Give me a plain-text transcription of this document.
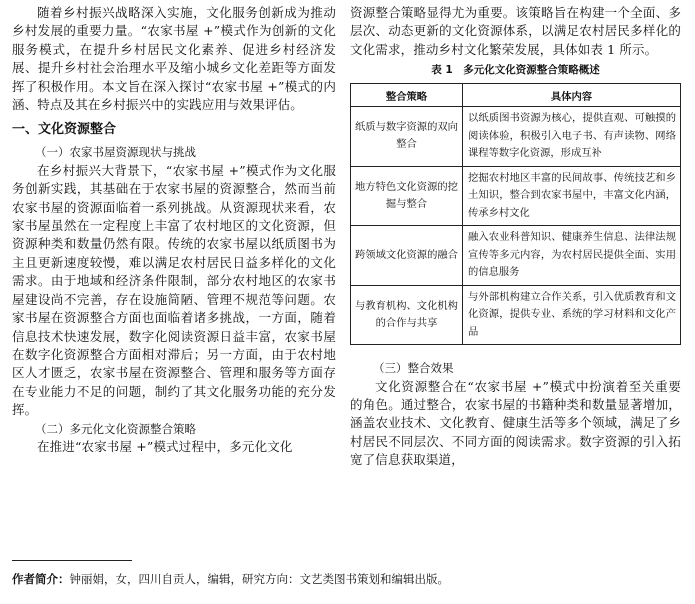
随着乡村振兴战略深入实施，文化服务创新成为推动乡村发展的重要力量。“农家书屋 +”模式作为创新的文化服务模式，在提升乡村居民文化素养、促进乡村经济发展、提升乡村社会治理水平及缩小城乡文化差距等方面发挥了积极作用。本文旨在深入探讨“农家书屋 +”模式的内涵、特点及其在乡村振兴中的实践应用与效果评估。

一、文化资源整合

（一）农家书屋资源现状与挑战

在乡村振兴大背景下，“农家书屋 +”模式作为文化服务创新实践，其基础在于农家书屋的资源整合，然而当前农家书屋的资源面临着一系列挑战。从资源现状来看，农家书屋虽然在一定程度上丰富了农村地区的文化资源，但资源种类和数量仍然有限。传统的农家书屋以纸质图书为主且更新速度较慢，难以满足农村居民日益多样化的文化需求。由于地域和经济条件限制，部分农村地区的农家书屋建设尚不完善，存在设施简陋、管理不规范等问题。农家书屋在资源整合方面也面临着诸多挑战，一方面，随着信息技术快速发展，数字化阅读资源日益丰富，农家书屋在数字化资源整合方面相对滞后；另一方面，由于农村地区人才匮乏，农家书屋在资源整合、管理和服务等方面存在专业能力不足的问题，制约了其文化服务功能的充分发挥。

（二）多元化文化资源整合策略

在推进“农家书屋 +”模式过程中，多元化文化

资源整合策略显得尤为重要。该策略旨在构建一个全面、多层次、动态更新的文化资源体系，以满足农村居民多样化的文化需求，推动乡村文化繁荣发展，具体如表 1 所示。

表 1　多元化文化资源整合策略概述
整合策略	具体内容
纸质与数字资源的双向整合	以纸质图书资源为核心，提供直观、可触摸的阅读体验，积极引入电子书、有声读物、网络课程等数字化资源，形成互补
地方特色文化资源的挖掘与整合	挖掘农村地区丰富的民间故事、传统技艺和乡土知识，整合到农家书屋中，丰富文化内涵，传承乡村文化
跨领域文化资源的融合	融入农业科普知识、健康养生信息、法律法规宣传等多元内容，为农村居民提供全面、实用的信息服务
与教育机构、文化机构的合作与共享	与外部机构建立合作关系，引入优质教育和文化资源，提供专业、系统的学习材料和文化产品

（三）整合效果

文化资源整合在“农家书屋 +”模式中扮演着至关重要的角色。通过整合，农家书屋的书籍种类和数量显著增加，涵盖农业技术、文化教育、健康生活等多个领域，满足了乡村居民不同层次、不同方面的阅读需求。数字资源的引入拓宽了信息获取渠道，

作者简介：钟丽娟，女，四川自贡人，编辑，研究方向：文艺类图书策划和编辑出版。
